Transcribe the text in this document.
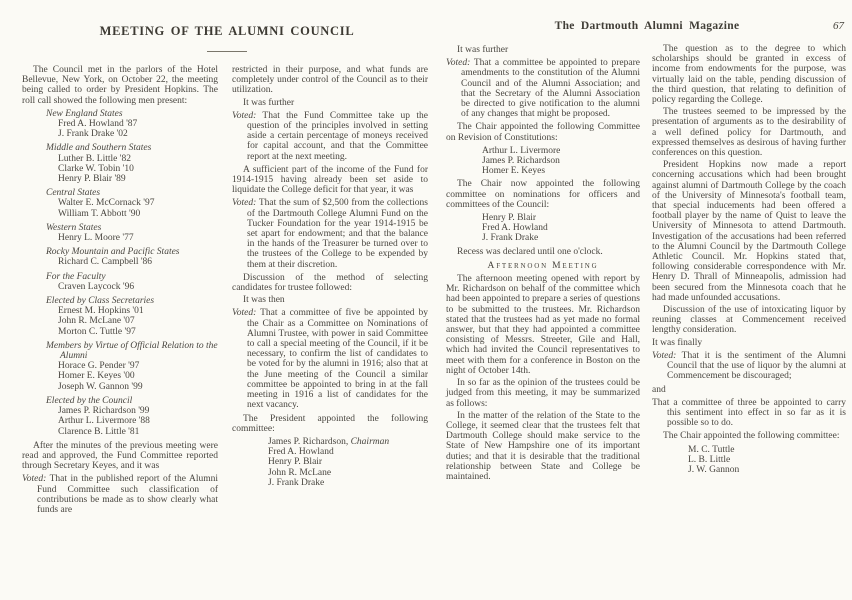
MEETING OF THE ALUMNI COUNCIL

The Council met in the parlors of the Hotel Bellevue, New York, on October 22, the meeting being called to order by President Hopkins. The roll call showed the following men present:

New England States
Fred A. Howland '87
J. Frank Drake '02
Middle and Southern States
Luther B. Little '82
Clarke W. Tobin '10
Henry P. Blair '89
Central States
Walter E. McCornack '97
William T. Abbott '90
Western States
Henry L. Moore '77
Rocky Mountain and Pacific States
Richard C. Campbell '86
For the Faculty
Craven Laycock '96
Elected by Class Secretaries
Ernest M. Hopkins '01
John R. McLane '07
Morton C. Tuttle '97
Members by Virtue of Official Relation to the Alumni
Horace G. Pender '97
Homer E. Keyes '00
Joseph W. Gannon '99
Elected by the Council
James P. Richardson '99
Arthur L. Livermore '88
Clarence B. Little '81

After the minutes of the previous meeting were read and approved, the Fund Committee reported through Secretary Keyes, and it was

Voted: That in the published report of the Alumni Fund Committee such classification of contributions be made as to show clearly what funds are

restricted in their purpose, and what funds are completely under control of the Council as to their utilization.

It was further

Voted: That the Fund Committee take up the question of the principles involved in setting aside a certain percentage of moneys received for capital account, and that the Committee report at the next meeting.

A sufficient part of the income of the Fund for 1914-1915 having already been set aside to liquidate the College deficit for that year, it was

Voted: That the sum of $2,500 from the collections of the Dartmouth College Alumni Fund on the Tucker Foundation for the year 1914-1915 be set apart for endowment; and that the balance in the hands of the Treasurer be turned over to the trustees of the College to be expended by them at their discretion.

Discussion of the method of selecting candidates for trustee followed:

It was then

Voted: That a committee of five be appointed by the Chair as a Committee on Nominations of Alumni Trustee, with power in said Committee to call a special meeting of the Council, if it be necessary, to confirm the list of candidates to be voted for by the alumni in 1916; also that at the June meeting of the Council a similar committee be appointed to bring in at the fall meeting in 1916 a list of candidates for the next vacancy.

The President appointed the following committee:

James P. Richardson, Chairman
Fred A. Howland
Henry P. Blair
John R. McLane
J. Frank Drake
The Dartmouth Alumni Magazine	67

It was further

Voted: That a committee be appointed to prepare amendments to the constitution of the Alumni Council and of the Alumni Association; and that the Secretary of the Alumni Association be directed to give notification to the alumni of any changes that might be proposed.

The Chair appointed the following Committee on Revision of Constitutions:

Arthur L. Livermore
James P. Richardson
Homer E. Keyes

The Chair now appointed the following committee on nominations for officers and committees of the Council:

Henry P. Blair
Fred A. Howland
J. Frank Drake

Recess was declared until one o'clock.

Afternoon Meeting

The afternoon meeting opened with report by Mr. Richardson on behalf of the committee which had been appointed to prepare a series of questions to be submitted to the trustees. Mr. Richardson stated that the trustees had as yet made no formal answer, but that they had appointed a committee consisting of Messrs. Streeter, Gile and Hall, which had invited the Council representatives to meet with them for a conference in Boston on the night of October 14th.

In so far as the opinion of the trustees could be judged from this meeting, it may be summarized as follows:

In the matter of the relation of the State to the College, it seemed clear that the trustees felt that Dartmouth College should make service to the State of New Hampshire one of its important duties; and that it is desirable that the traditional relationship between State and College be maintained.

The question as to the degree to which scholarships should be granted in excess of income from endowments for the purpose, was virtually laid on the table, pending discussion of the third question, that relating to definition of policy regarding the College.

The trustees seemed to be impressed by the presentation of arguments as to the desirability of a well defined policy for Dartmouth, and expressed themselves as desirous of having further conferences on this question.

President Hopkins now made a report concerning accusations which had been brought against alumni of Dartmouth College by the coach of the University of Minnesota's football team, that special inducements had been offered a football player by the name of Quist to leave the University of Minnesota to attend Dartmouth. Investigation of the accusations had been referred to the Alumni Council by the Dartmouth College Athletic Council. Mr. Hopkins stated that, following considerable correspondence with Mr. Henry D. Thrall of Minneapolis, admission had been secured from the Minnesota coach that he had made unfounded accusations.

Discussion of the use of intoxicating liquor by reuning classes at Commencement received lengthy consideration.

It was finally

Voted: That it is the sentiment of the Alumni Council that the use of liquor by the alumni at Commencement be discouraged;

and

That a committee of three be appointed to carry this sentiment into effect in so far as it is possible so to do.

The Chair appointed the following committee:

M. C. Tuttle
L. B. Little
J. W. Gannon
